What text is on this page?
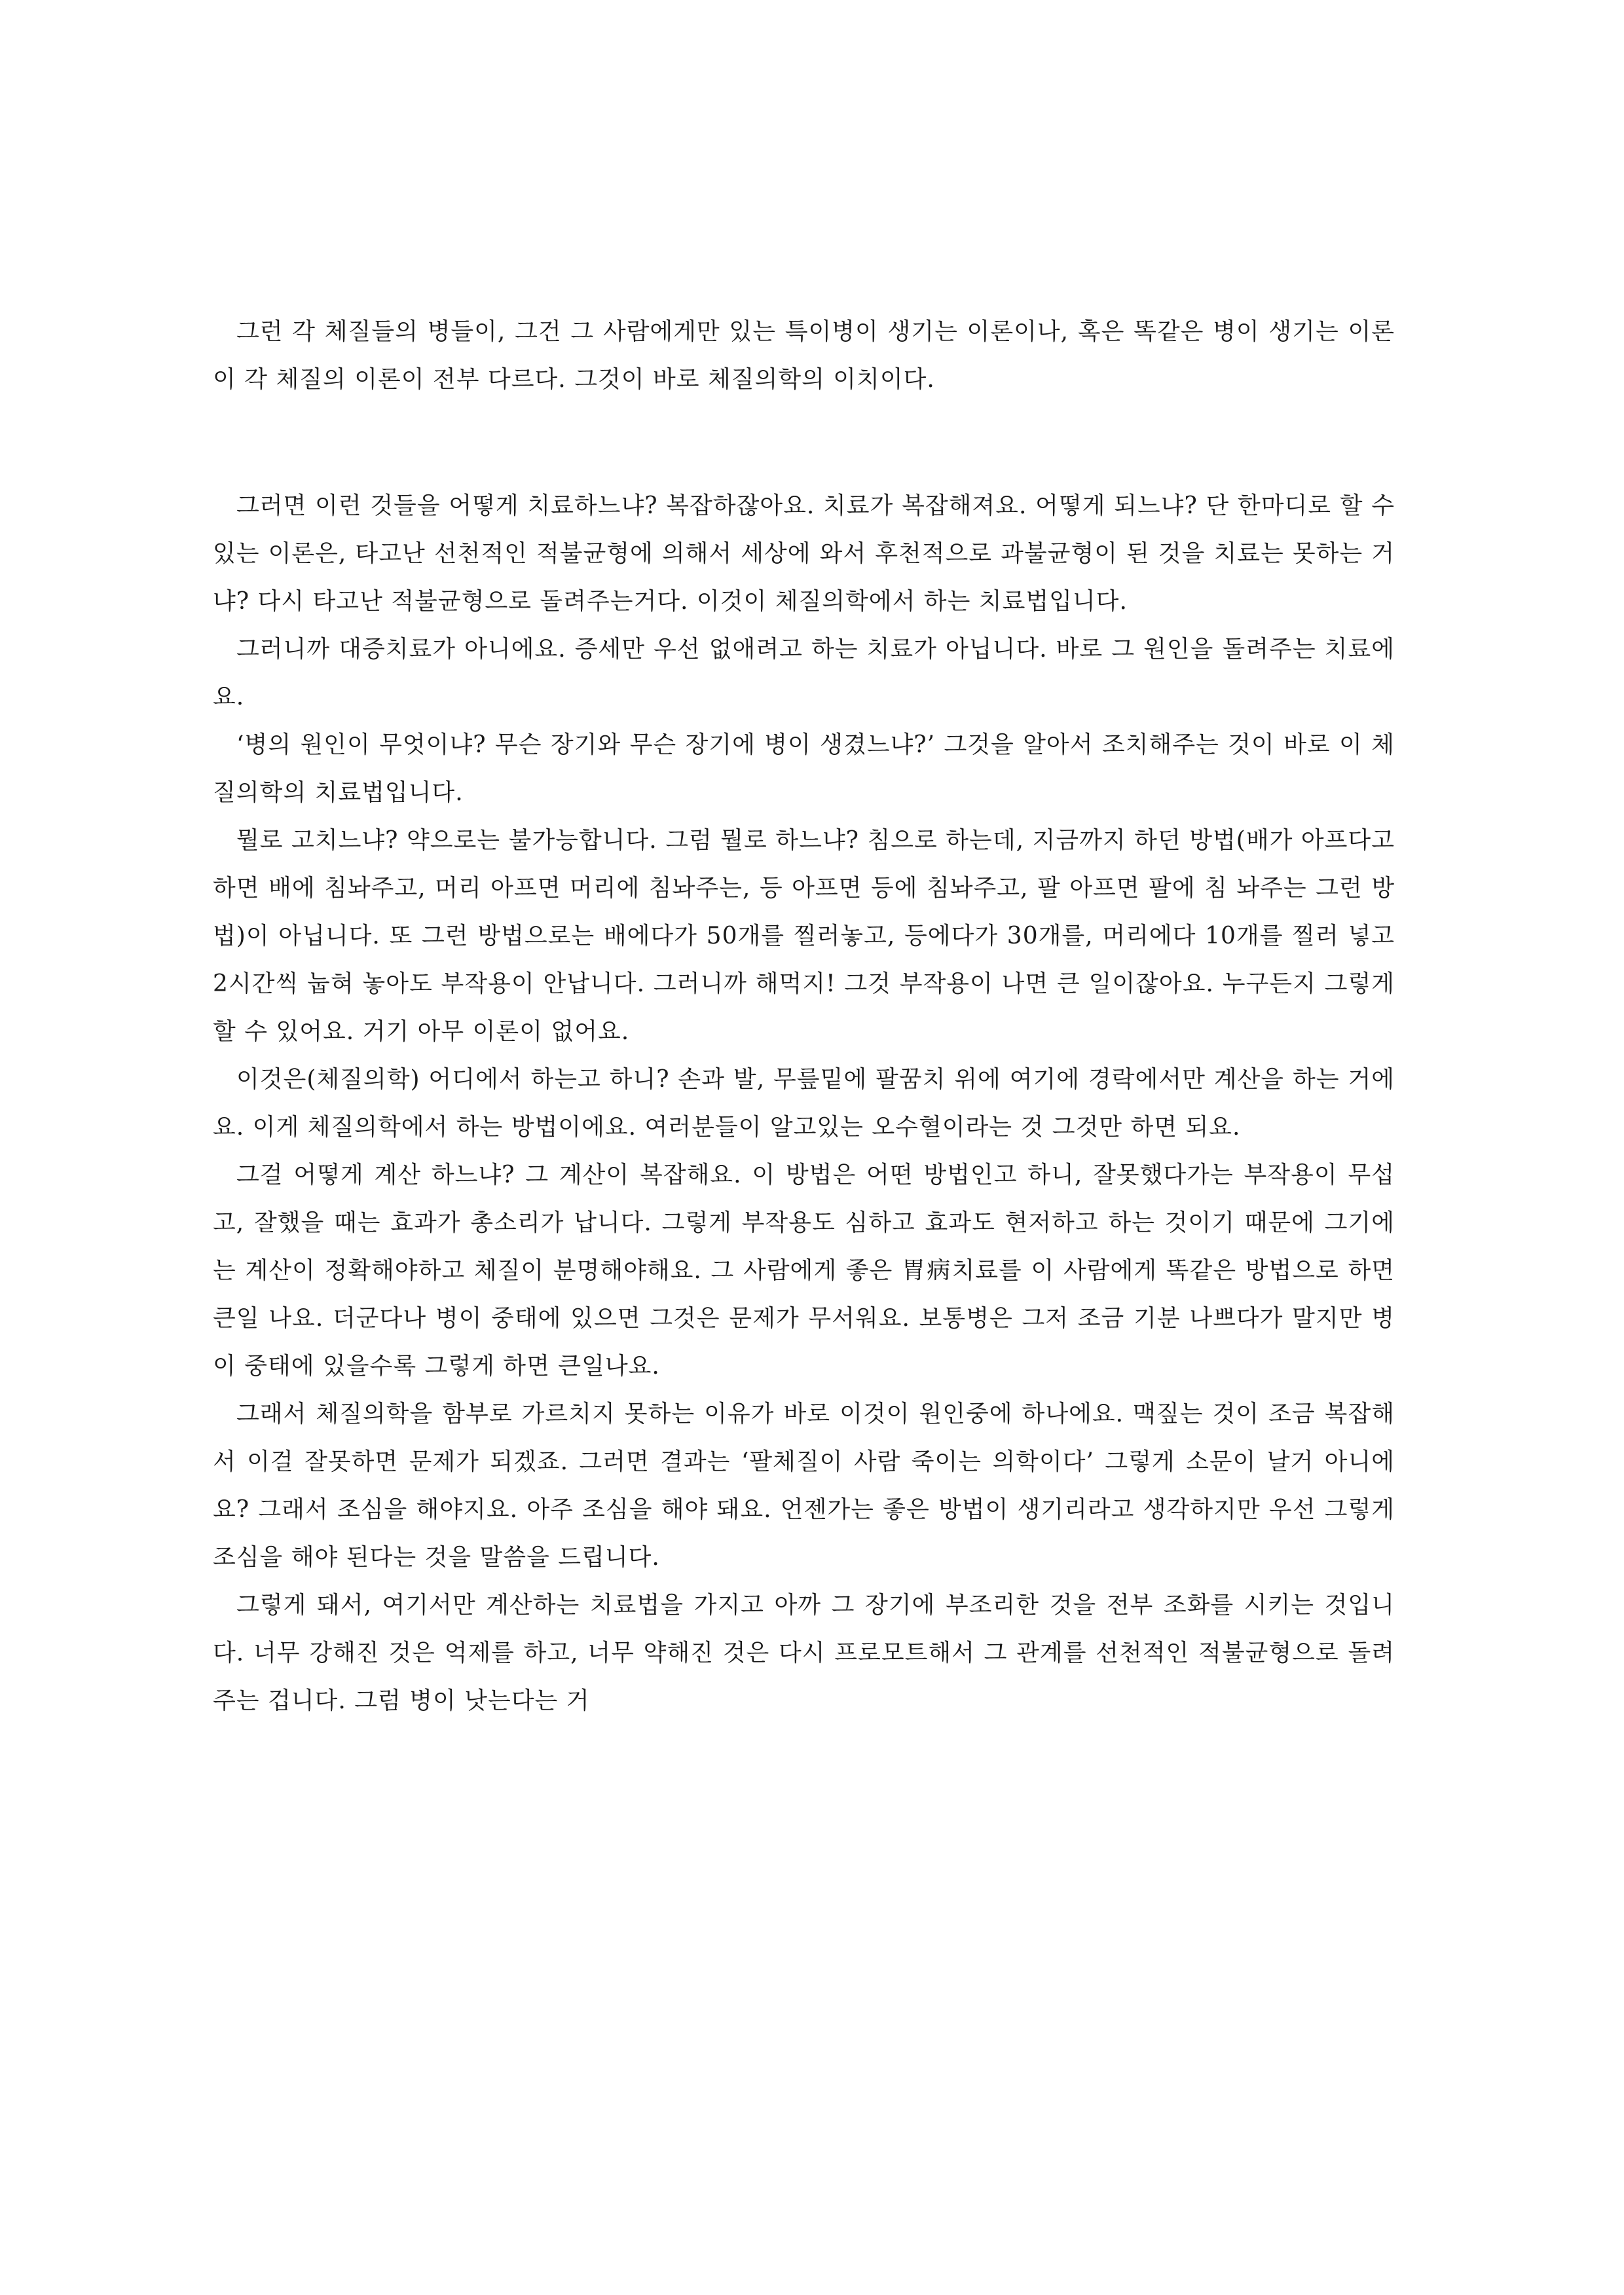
그런 각 체질들의 병들이, 그건 그 사람에게만 있는 특이병이 생기는 이론이나, 혹은 똑같은 병이 생기는 이론이 각 체질의 이론이 전부 다르다. 그것이 바로 체질의학의 이치이다.

그러면 이런 것들을 어떻게 치료하느냐? 복잡하잖아요. 치료가 복잡해져요. 어떻게 되느냐? 단 한마디로 할 수 있는 이론은, 타고난 선천적인 적불균형에 의해서 세상에 와서 후천적으로 과불균형이 된 것을 치료는 못하는 거냐? 다시 타고난 적불균형으로 돌려주는거다. 이것이 체질의학에서 하는 치료법입니다.

그러니까 대증치료가 아니에요. 증세만 우선 없애려고 하는 치료가 아닙니다. 바로 그 원인을 돌려주는 치료에요.

‘병의 원인이 무엇이냐? 무슨 장기와 무슨 장기에 병이 생겼느냐?’ 그것을 알아서 조치해주는 것이 바로 이 체질의학의 치료법입니다.

뭘로 고치느냐? 약으로는 불가능합니다. 그럼 뭘로 하느냐? 침으로 하는데, 지금까지 하던 방법(배가 아프다고 하면 배에 침놔주고, 머리 아프면 머리에 침놔주는, 등 아프면 등에 침놔주고, 팔 아프면 팔에 침 놔주는 그런 방법)이 아닙니다. 또 그런 방법으로는 배에다가 50개를 찔러놓고, 등에다가 30개를, 머리에다 10개를 찔러 넣고 2시간씩 눕혀 놓아도 부작용이 안납니다. 그러니까 해먹지! 그것 부작용이 나면 큰 일이잖아요. 누구든지 그렇게 할 수 있어요. 거기 아무 이론이 없어요.

이것은(체질의학) 어디에서 하는고 하니? 손과 발, 무릎밑에 팔꿈치 위에 여기에 경락에서만 계산을 하는 거에요. 이게 체질의학에서 하는 방법이에요. 여러분들이 알고있는 오수혈이라는 것 그것만 하면 되요.

그걸 어떻게 계산 하느냐? 그 계산이 복잡해요. 이 방법은 어떤 방법인고 하니, 잘못했다가는 부작용이 무섭고, 잘했을 때는 효과가 총소리가 납니다. 그렇게 부작용도 심하고 효과도 현저하고 하는 것이기 때문에 그기에는 계산이 정확해야하고 체질이 분명해야해요. 그 사람에게 좋은 胃病치료를 이 사람에게 똑같은 방법으로 하면 큰일 나요. 더군다나 병이 중태에 있으면 그것은 문제가 무서워요. 보통병은 그저 조금 기분 나쁘다가 말지만 병이 중태에 있을수록 그렇게 하면 큰일나요.

그래서 체질의학을 함부로 가르치지 못하는 이유가 바로 이것이 원인중에 하나에요. 맥짚는 것이 조금 복잡해서 이걸 잘못하면 문제가 되겠죠. 그러면 결과는 ‘팔체질이 사람 죽이는 의학이다’ 그렇게 소문이 날거 아니에요? 그래서 조심을 해야지요. 아주 조심을 해야 돼요. 언젠가는 좋은 방법이 생기리라고 생각하지만 우선 그렇게 조심을 해야 된다는 것을 말씀을 드립니다.

그렇게 돼서, 여기서만 계산하는 치료법을 가지고 아까 그 장기에 부조리한 것을 전부 조화를 시키는 것입니다. 너무 강해진 것은 억제를 하고, 너무 약해진 것은 다시 프로모트해서 그 관계를 선천적인 적불균형으로 돌려주는 겁니다. 그럼 병이 낫는다는 거
